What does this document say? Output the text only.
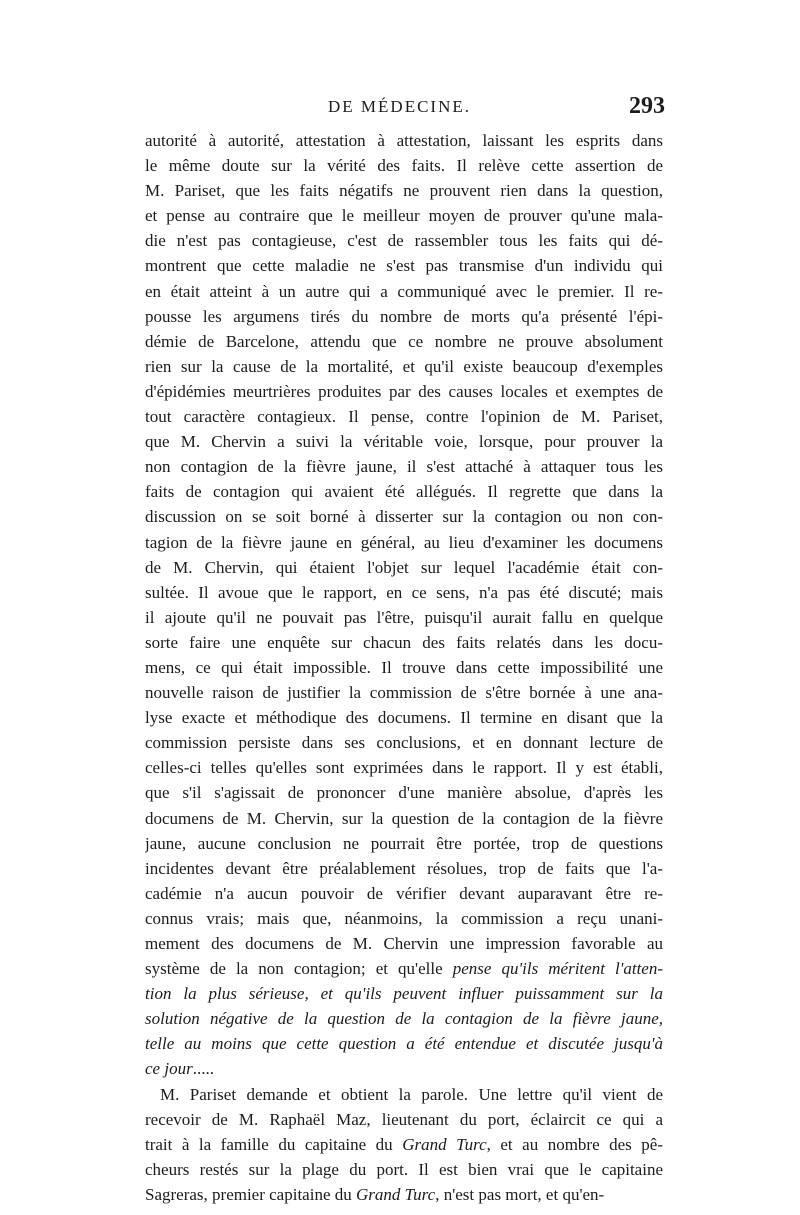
DE MÉDECINE.	293
autorité à autorité, attestation à attestation, laissant les esprits dans
le même doute sur la vérité des faits. Il relève cette assertion de
M. Pariset, que les faits négatifs ne prouvent rien dans la question,
et pense au contraire que le meilleur moyen de prouver qu'une mala-
die n'est pas contagieuse, c'est de rassembler tous les faits qui dé-
montrent que cette maladie ne s'est pas transmise d'un individu qui
en était atteint à un autre qui a communiqué avec le premier. Il re-
pousse les argumens tirés du nombre de morts qu'a présenté l'épi-
démie de Barcelone, attendu que ce nombre ne prouve absolument
rien sur la cause de la mortalité, et qu'il existe beaucoup d'exemples
d'épidémies meurtrières produites par des causes locales et exemptes de
tout caractère contagieux. Il pense, contre l'opinion de M. Pariset,
que M. Chervin a suivi la véritable voie, lorsque, pour prouver la
non contagion de la fièvre jaune, il s'est attaché à attaquer tous les
faits de contagion qui avaient été allégués. Il regrette que dans la
discussion on se soit borné à disserter sur la contagion ou non con-
tagion de la fièvre jaune en général, au lieu d'examiner les documens
de M. Chervin, qui étaient l'objet sur lequel l'académie était con-
sultée. Il avoue que le rapport, en ce sens, n'a pas été discuté; mais
il ajoute qu'il ne pouvait pas l'être, puisqu'il aurait fallu en quelque
sorte faire une enquête sur chacun des faits relatés dans les docu-
mens, ce qui était impossible. Il trouve dans cette impossibilité une
nouvelle raison de justifier la commission de s'être bornée à une ana-
lyse exacte et méthodique des documens. Il termine en disant que la
commission persiste dans ses conclusions, et en donnant lecture de
celles-ci telles qu'elles sont exprimées dans le rapport. Il y est établi,
que s'il s'agissait de prononcer d'une manière absolue, d'après les
documens de M. Chervin, sur la question de la contagion de la fièvre
jaune, aucune conclusion ne pourrait être portée, trop de questions
incidentes devant être préalablement résolues, trop de faits que l'a-
cadémie n'a aucun pouvoir de vérifier devant auparavant être re-
connus vrais; mais que, néanmoins, la commission a reçu unani-
mement des documens de M. Chervin une impression favorable au
système de la non contagion; et qu'elle pense qu'ils méritent l'atten-
tion la plus sérieuse, et qu'ils peuvent influer puissamment sur la
solution négative de la question de la contagion de la fièvre jaune,
telle au moins que cette question a été entendue et discutée jusqu'à
ce jour.....
M. Pariset demande et obtient la parole. Une lettre qu'il vient de
recevoir de M. Raphaël Maz, lieutenant du port, éclaircit ce qui a
trait à la famille du capitaine du Grand Turc, et au nombre des pê-
cheurs restés sur la plage du port. Il est bien vrai que le capitaine
Sagreras, premier capitaine du Grand Turc, n'est pas mort, et qu'en-
